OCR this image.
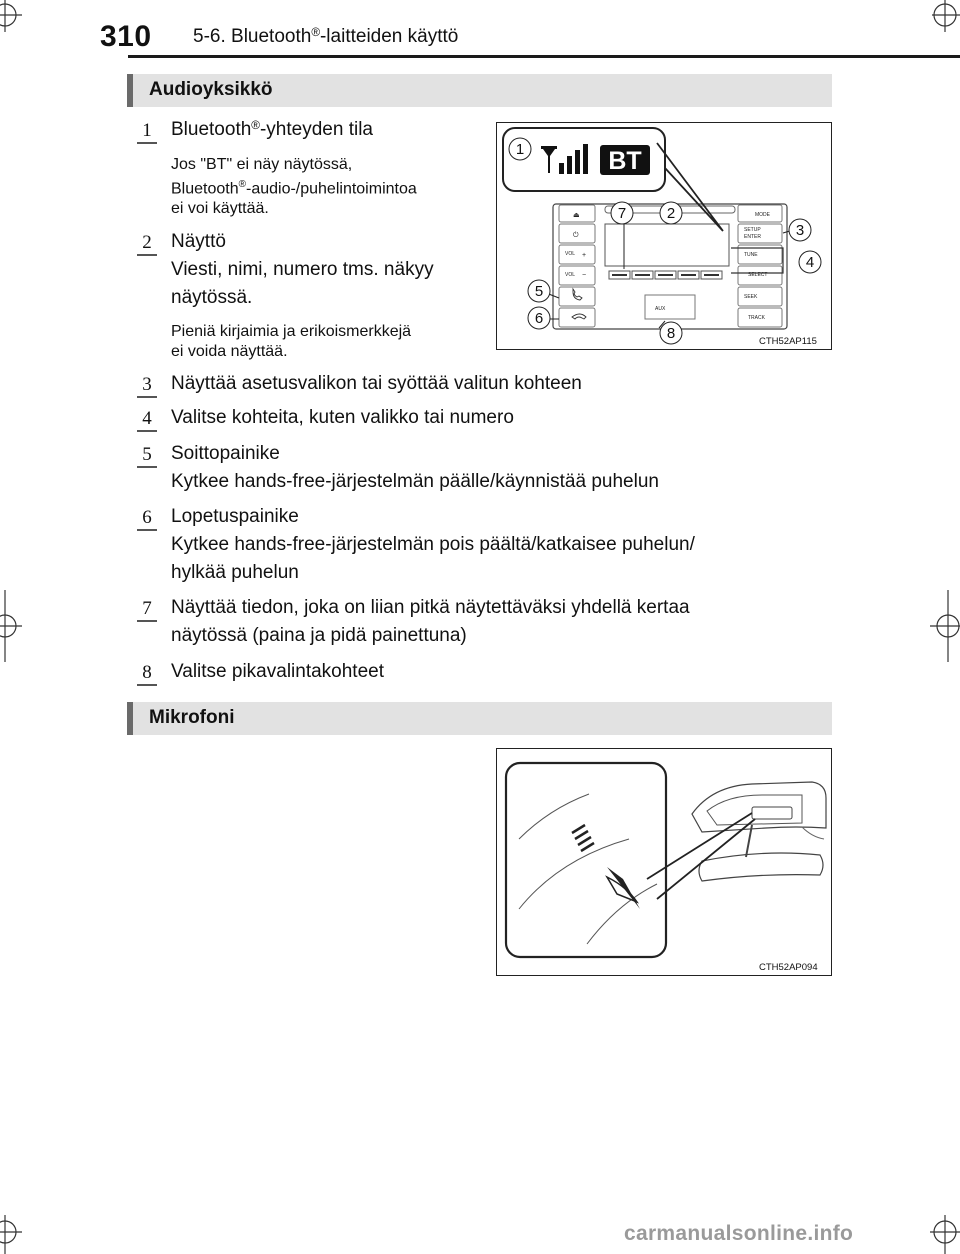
310 5-6. Bluetooth®-laitteiden käyttö
Audioyksikkö
1 Bluetooth®-yhteyden tila
Jos "BT" ei näy näytössä,
Bluetooth®-audio-/puhelintoimintoa
ei voi käyttää.
2 Näyttö
Viesti, nimi, numero tms. näkyy
näytössä.
Pieniä kirjaimia ja erikoismerkkejä
ei voida näyttää.
MODE
SETUP
ENTER
TUNE
SELECT
SEEK
TRACK
VOL
VOL
AUX
+
−
⏏
⏻
BT
1
2
3
4
5
6
7
8	CTH52AP115
3 Näyttää asetusvalikon tai syöttää valitun kohteen
4 Valitse kohteita, kuten valikko tai numero
5 Soittopainike
Kytkee hands-free-järjestelmän päälle/käynnistää puhelun
6 Lopetuspainike
Kytkee hands-free-järjestelmän pois päältä/katkaisee puhelun/
hylkää puhelun
7 Näyttää tiedon, joka on liian pitkä näytettäväksi yhdellä kertaa
näytössä (paina ja pidä painettuna)
8 Valitse pikavalintakohteet
Mikrofoni
CTH52AP094
carmanualsonline.info
